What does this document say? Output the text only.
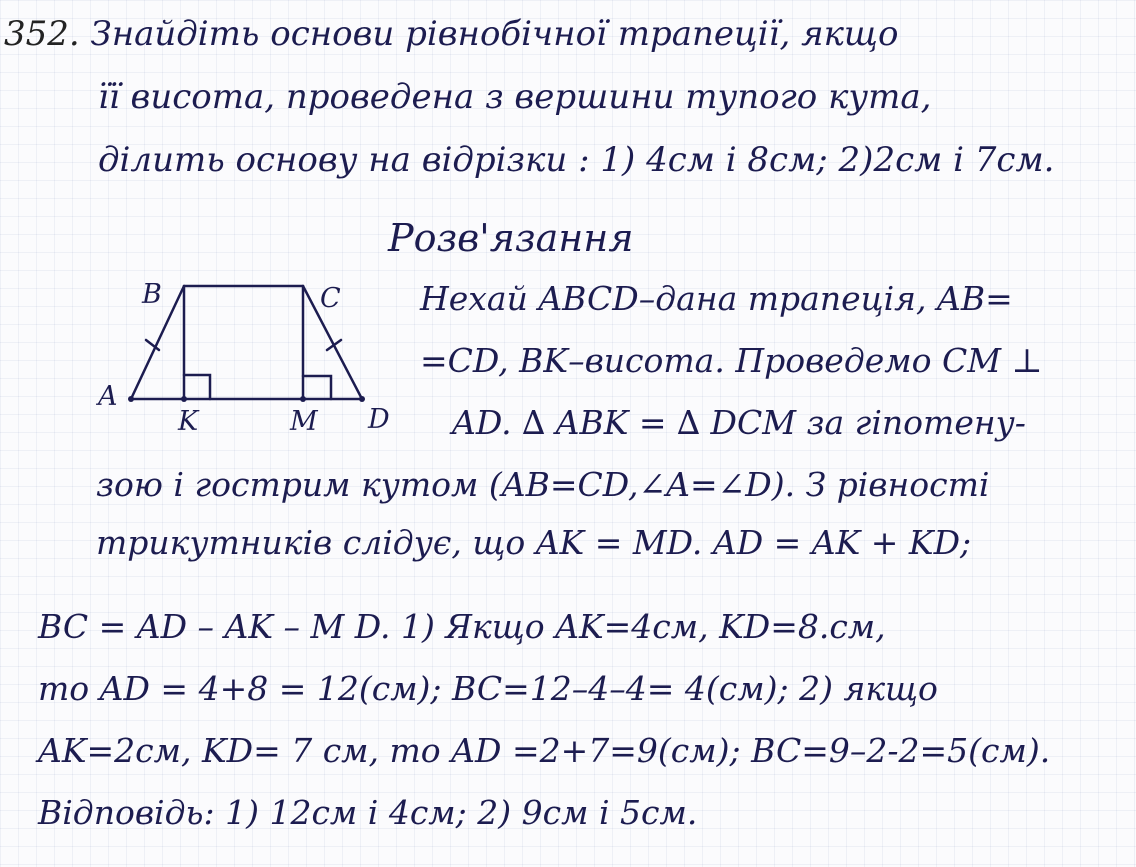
352. Знайдіть основи рівнобічної трапеції, якщо
її висота, проведена з вершини тупого кута,
ділить основу на відрізки : 1) 4см і 8см; 2)2см і 7см.
Розв'язання
B	C
A
K	M D
Нехай ABCD–дана трапеція, AB=
=CD, BK–висота. Проведемо CM ⊥
AD. ∆ ABK = ∆ DCM за гіпотену-
зою і гострим кутом (AB=CD,∠A=∠D). З рівності
трикутників слідує, що AK = MD. AD = AK + KD;
BC = AD – AK – M D. 1) Якщо AK=4см, KD=8.см,
то AD = 4+8 = 12(см); BC=12–4–4= 4(см); 2) якщо
AK=2см, KD= 7 см, то AD =2+7=9(см); BC=9–2-2=5(см).
Відповідь: 1) 12см і 4см; 2) 9см і 5см.
